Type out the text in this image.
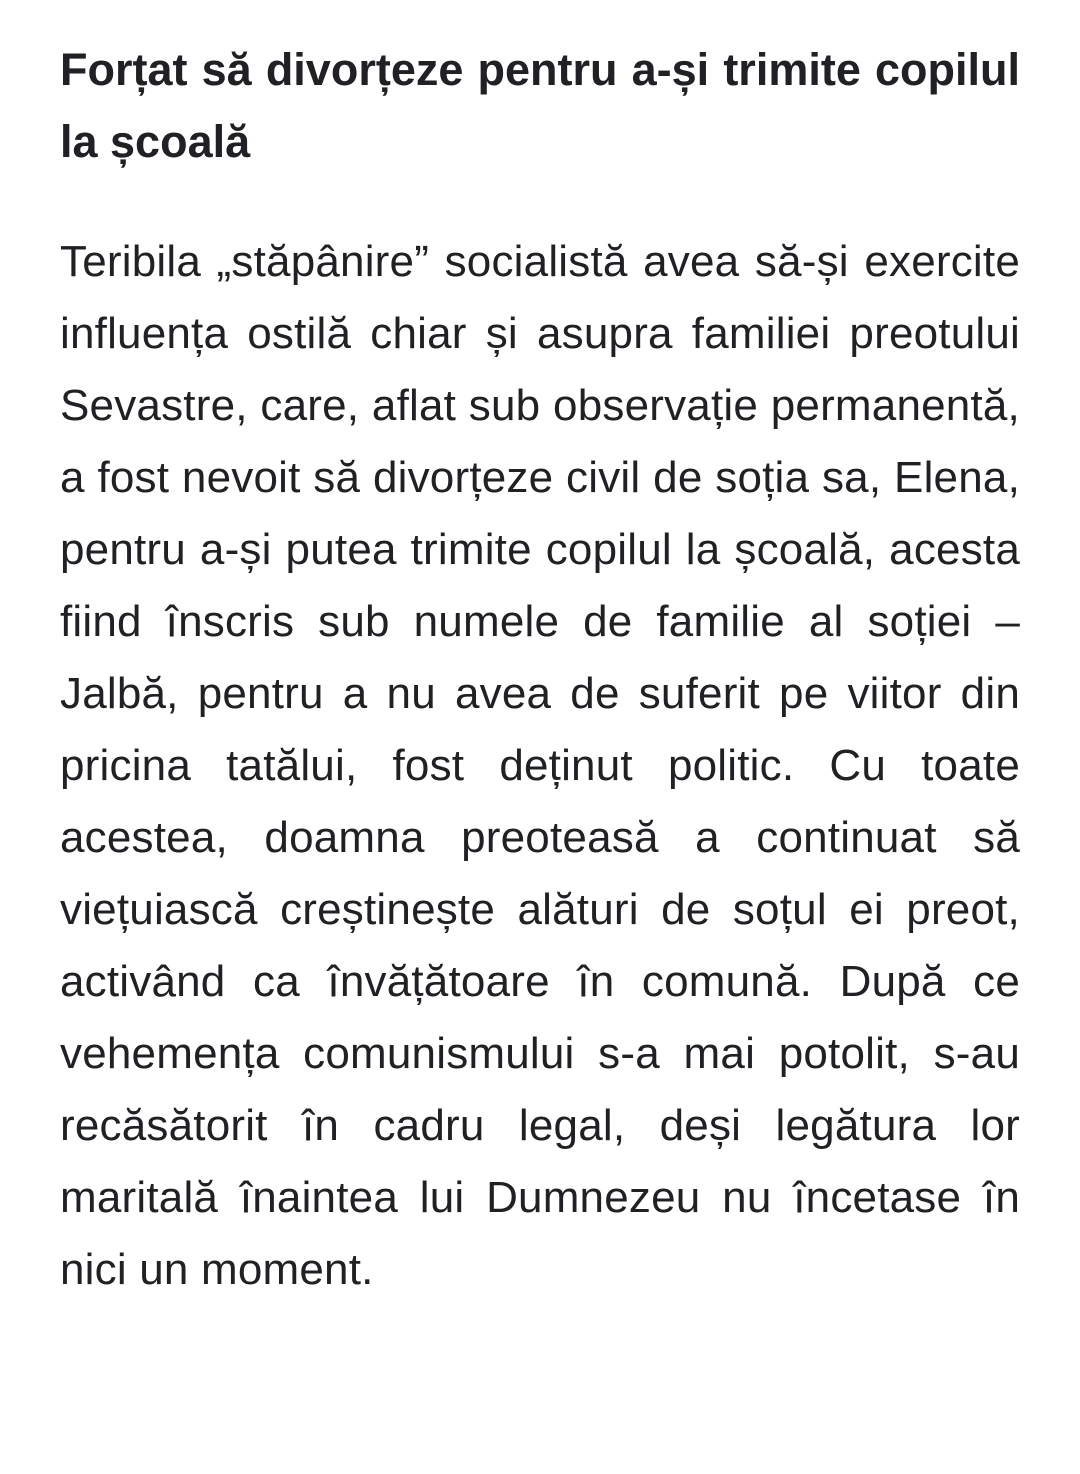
Forțat să divorțeze pentru a-și trimite copilul la școală

Teribila „stăpânire” socialistă avea să-și exercite influența ostilă chiar și asupra familiei preotului Sevastre, care, aflat sub observație permanentă, a fost nevoit să divorțeze civil de soția sa, Elena, pentru a-și putea trimite copilul la școală, acesta fiind înscris sub numele de familie al soției – Jalbă, pentru a nu avea de suferit pe viitor din pricina tatălui, fost deținut politic. Cu toate acestea, doamna preoteasă a continuat să viețuiască creștinește alături de soțul ei preot, activând ca învățătoare în comună. După ce vehemența comunismului s-a mai potolit, s-au recăsătorit în cadru legal, deși legătura lor maritală înaintea lui Dumnezeu nu încetase în nici un moment.
